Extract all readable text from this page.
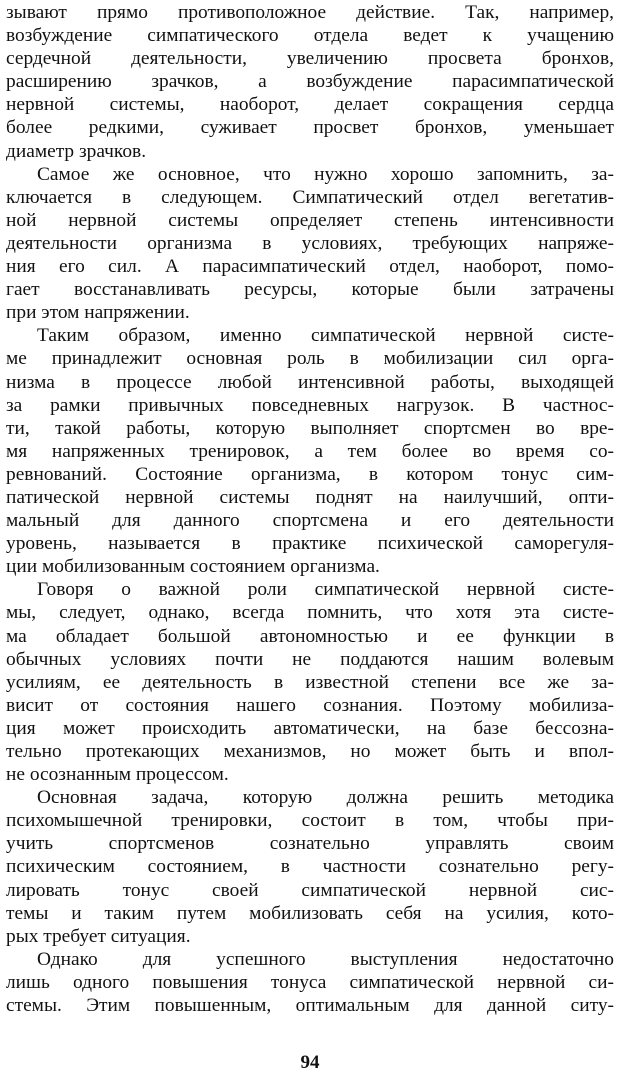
зывают прямо противоположное действие. Так, например,
возбуждение симпатического отдела ведет к учащению
сердечной деятельности, увеличению просвета бронхов,
расширению зрачков, а возбуждение парасимпатической
нервной системы, наоборот, делает сокращения сердца
более редкими, суживает просвет бронхов, уменьшает
диаметр зрачков.
Самое же основное, что нужно хорошо запомнить, за-
ключается в следующем. Симпатический отдел вегетатив-
ной нервной системы определяет степень интенсивности
деятельности организма в условиях, требующих напряже-
ния его сил. А парасимпатический отдел, наоборот, помо-
гает восстанавливать ресурсы, которые были затрачены
при этом напряжении.
Таким образом, именно симпатической нервной систе-
ме принадлежит основная роль в мобилизации сил орга-
низма в процессе любой интенсивной работы, выходящей
за рамки привычных повседневных нагрузок. В частнос-
ти, такой работы, которую выполняет спортсмен во вре-
мя напряженных тренировок, а тем более во время со-
ревнований. Состояние организма, в котором тонус сим-
патической нервной системы поднят на наилучший, опти-
мальный для данного спортсмена и его деятельности
уровень, называется в практике психической саморегуля-
ции мобилизованным состоянием организма.
Говоря о важной роли симпатической нервной систе-
мы, следует, однако, всегда помнить, что хотя эта систе-
ма обладает большой автономностью и ее функции в
обычных условиях почти не поддаются нашим волевым
усилиям, ее деятельность в известной степени все же за-
висит от состояния нашего сознания. Поэтому мобилиза-
ция может происходить автоматически, на базе бессозна-
тельно протекающих механизмов, но может быть и впол-
не осознанным процессом.
Основная задача, которую должна решить методика
психомышечной тренировки, состоит в том, чтобы при-
учить спортсменов сознательно управлять своим
психическим состоянием, в частности сознательно регу-
лировать тонус своей симпатической нервной сис-
темы и таким путем мобилизовать себя на усилия, кото-
рых требует ситуация.
Однако для успешного выступления недостаточно
лишь одного повышения тонуса симпатической нервной си-
стемы. Этим повышенным, оптимальным для данной ситу-
94
